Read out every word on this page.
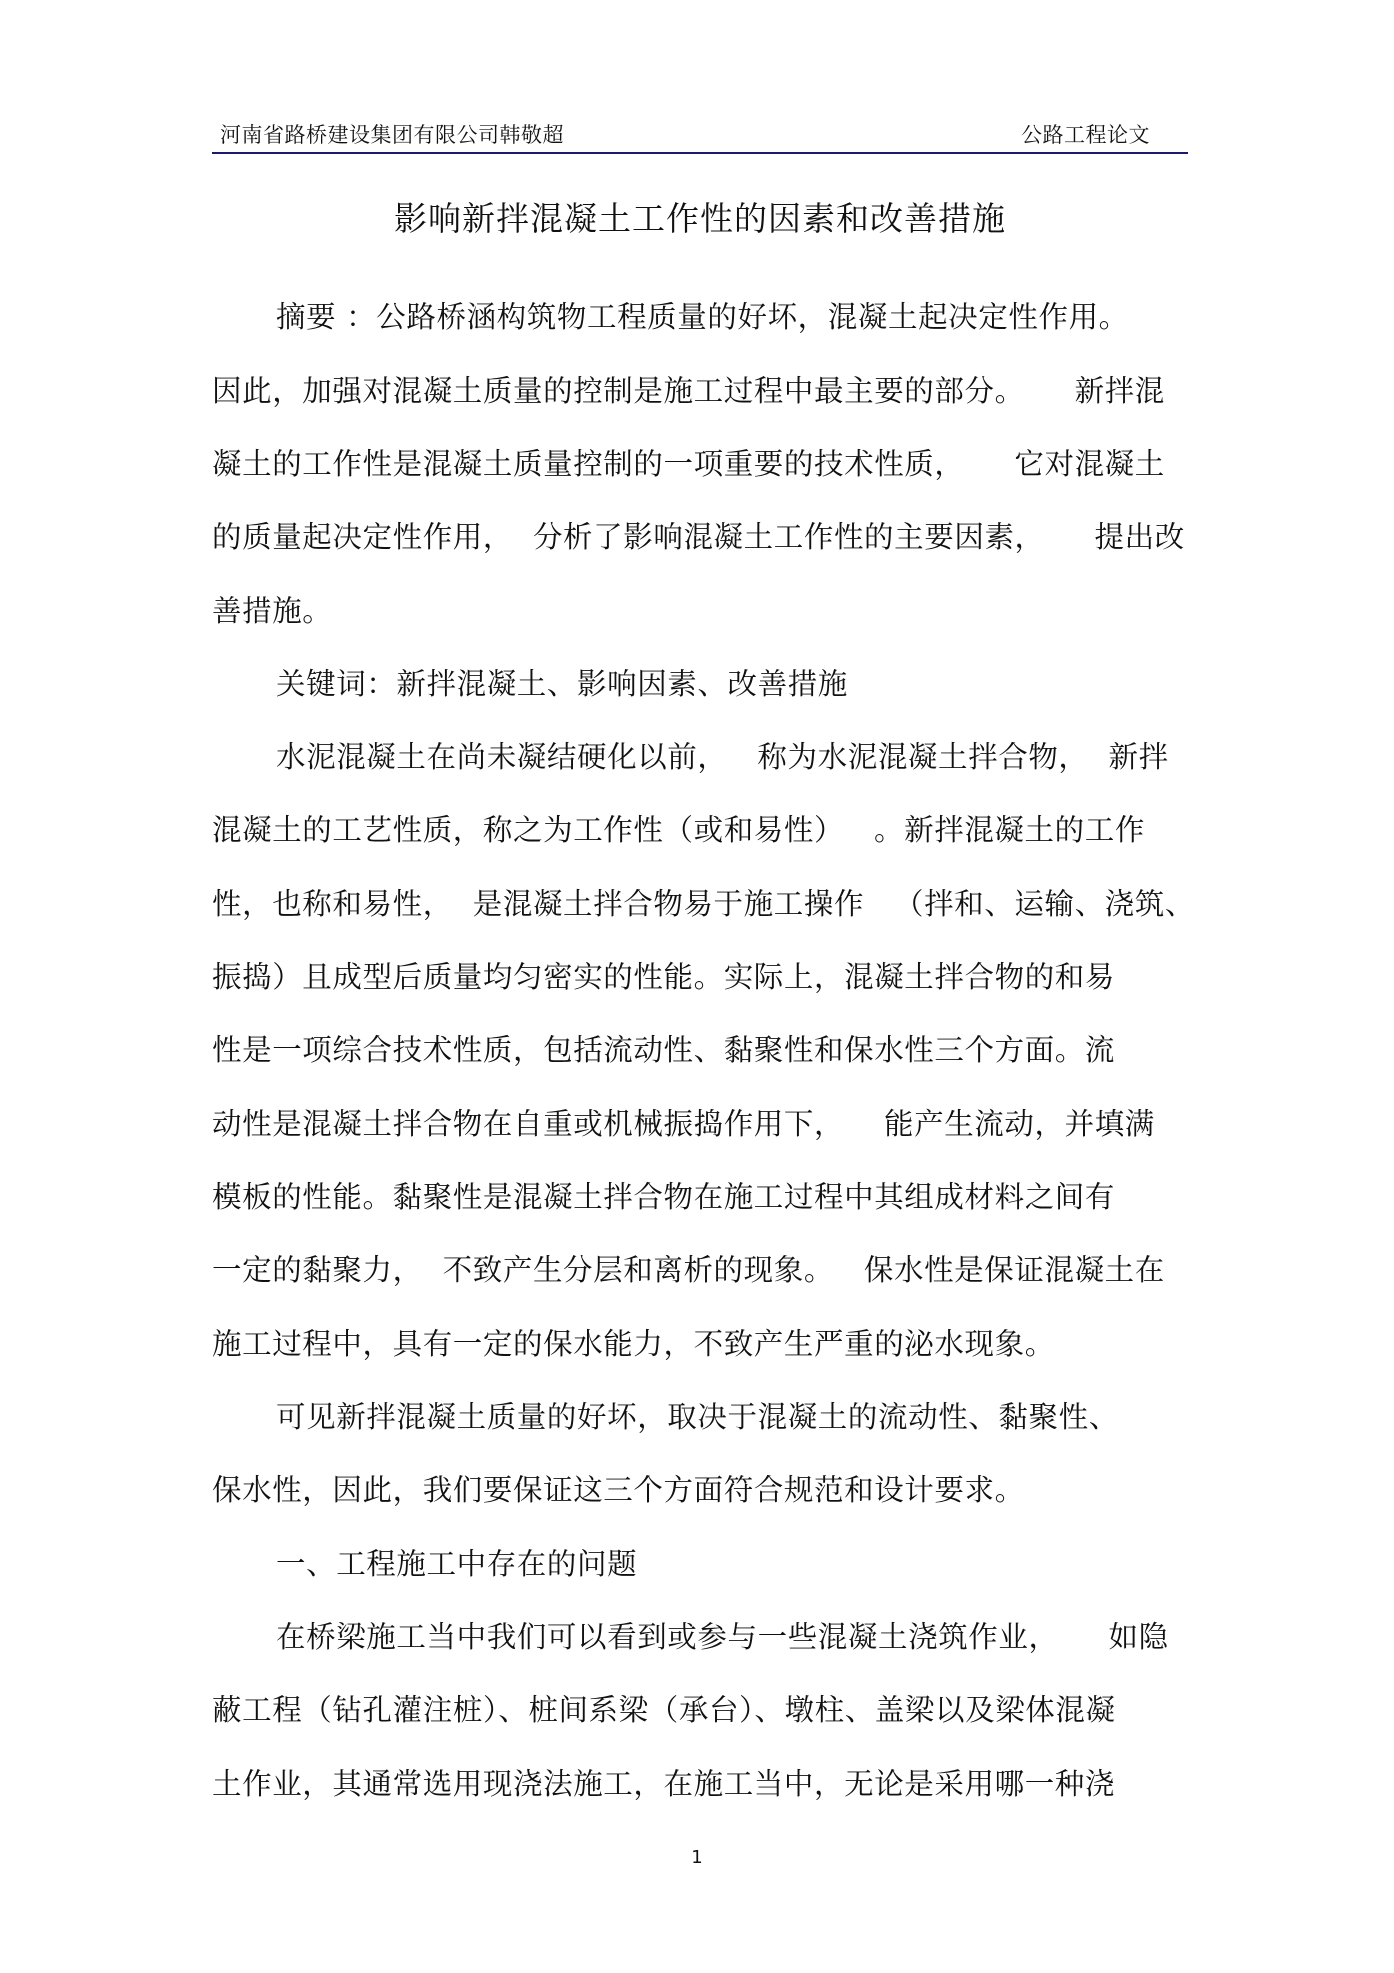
河南省路桥建设集团有限公司韩敬超	公路工程论文
影响新拌混凝土工作性的因素和改善措施
摘要 ：公路桥涵构筑物工程质量的好坏，混凝土起决定性作用。
因此，加强对混凝土质量的控制是施工过程中最主要的部分。     新拌混
凝土的工作性是混凝土质量控制的一项重要的技术性质，     它对混凝土
的质量起决定性作用，  分析了影响混凝土工作性的主要因素，     提出改
善措施。
关键词：新拌混凝土、影响因素、改善措施
水泥混凝土在尚未凝结硬化以前，   称为水泥混凝土拌合物，  新拌
混凝土的工艺性质，称之为工作性（或和易性）   。新拌混凝土的工作
性，也称和易性，  是混凝土拌合物易于施工操作   （拌和、运输、浇筑、
振捣）且成型后质量均匀密实的性能。实际上，混凝土拌合物的和易
性是一项综合技术性质，包括流动性、黏聚性和保水性三个方面。流
动性是混凝土拌合物在自重或机械振捣作用下，    能产生流动，并填满
模板的性能。黏聚性是混凝土拌合物在施工过程中其组成材料之间有
一定的黏聚力，  不致产生分层和离析的现象。   保水性是保证混凝土在
施工过程中，具有一定的保水能力，不致产生严重的泌水现象。
可见新拌混凝土质量的好坏，取决于混凝土的流动性、黏聚性、
保水性，因此，我们要保证这三个方面符合规范和设计要求。
一、工程施工中存在的问题
在桥梁施工当中我们可以看到或参与一些混凝土浇筑作业，     如隐
蔽工程（钻孔灌注桩）、桩间系梁（承台）、墩柱、盖梁以及梁体混凝
土作业，其通常选用现浇法施工，在施工当中，无论是采用哪一种浇
1
